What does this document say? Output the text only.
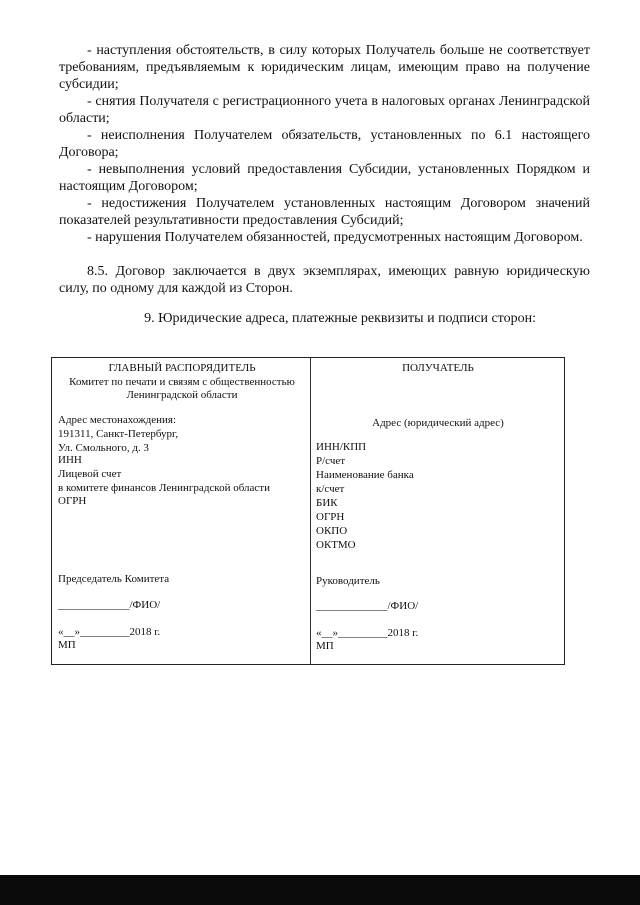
- наступления обстоятельств, в силу которых Получатель больше не соответствует требованиям, предъявляемым к юридическим лицам, имеющим право на получение субсидии;

- снятия Получателя с регистрационного учета в налоговых органах Ленинградской области;

- неисполнения Получателем обязательств, установленных по 6.1 настоящего Договора;

- невыполнения условий предоставления Субсидии, установленных Порядком и настоящим Договором;

- недостижения Получателем установленных настоящим Договором значений показателей результативности предоставления Субсидий;

- нарушения Получателем обязанностей, предусмотренных настоящим Договором.

8.5. Договор заключается в двух экземплярах, имеющих равную юридическую силу, по одному для каждой из Сторон.

9. Юридические адреса, платежные реквизиты и подписи сторон:
ГЛАВНЫЙ РАСПОРЯДИТЕЛЬ
Комитет по печати и связям с общественностью Ленинградской области
Адрес местонахождения:
191311, Санкт-Петербург,
Ул. Смольного, д. 3
ИНН
Лицевой счет
в комитете финансов Ленинградской области
ОГРН
Председатель Комитета
_____________/ФИО/
«__»_________2018 г.
МП
ПОЛУЧАТЕЛЬ
Адрес (юридический адрес)
ИНН/КПП
Р/счет
Наименование банка
к/счет
БИК
ОГРН
ОКПО
ОКТМО
Руководитель
_____________/ФИО/
«__»_________2018 г.
МП
